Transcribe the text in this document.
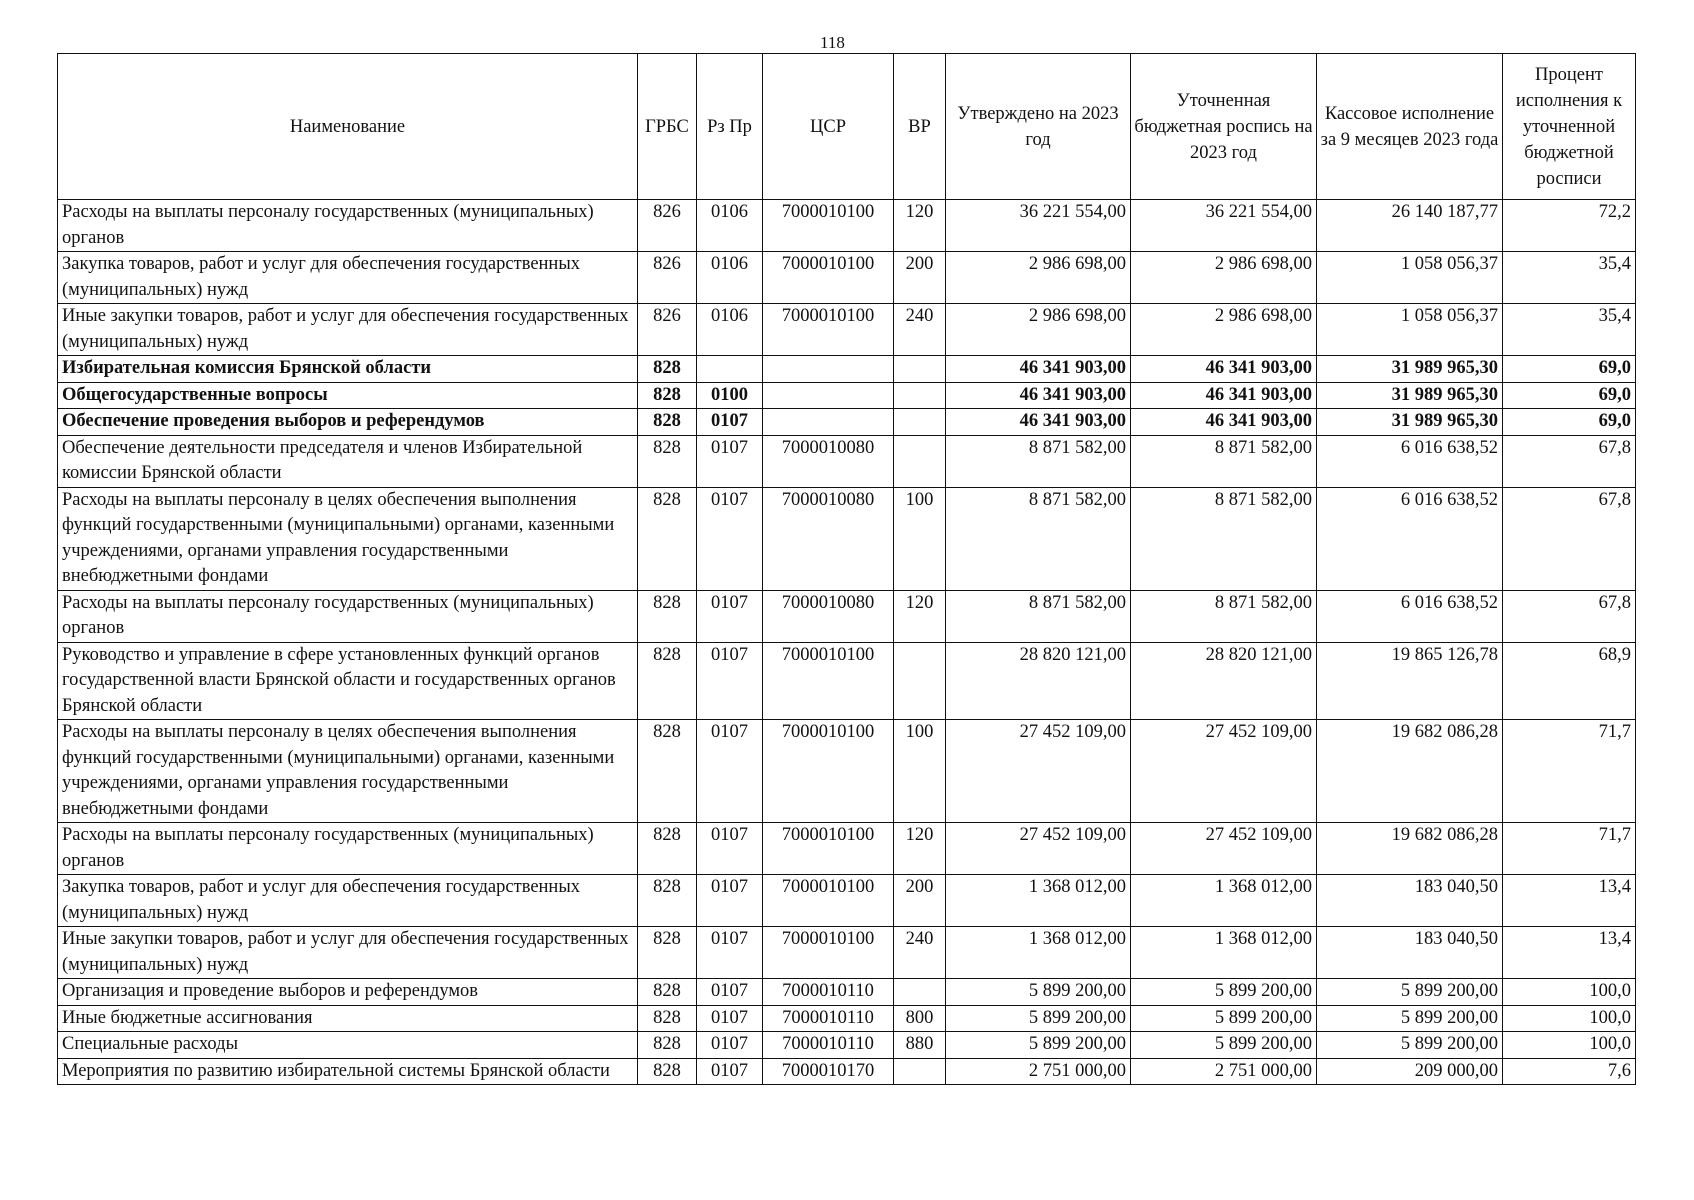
118
Наименование	ГРБС	Рз Пр	ЦСР	ВР	Утверждено на 2023 год	Уточненная бюджетная роспись на 2023 год	Кассовое исполнение за 9 месяцев 2023 года	Процент исполнения к уточненной бюджетной росписи
Расходы на выплаты персоналу государственных (муниципальных) органов	826	0106	7000010100	120	36 221 554,00	36 221 554,00	26 140 187,77	72,2
Закупка товаров, работ и услуг для обеспечения государственных (муниципальных) нужд	826	0106	7000010100	200	2 986 698,00	2 986 698,00	1 058 056,37	35,4
Иные закупки товаров, работ и услуг для обеспечения государственных (муниципальных) нужд	826	0106	7000010100	240	2 986 698,00	2 986 698,00	1 058 056,37	35,4
Избирательная комиссия Брянской области	828				46 341 903,00	46 341 903,00	31 989 965,30	69,0
Общегосударственные вопросы	828	0100			46 341 903,00	46 341 903,00	31 989 965,30	69,0
Обеспечение проведения выборов и референдумов	828	0107			46 341 903,00	46 341 903,00	31 989 965,30	69,0
Обеспечение деятельности председателя и членов Избирательной комиссии Брянской области	828	0107	7000010080		8 871 582,00	8 871 582,00	6 016 638,52	67,8
Расходы на выплаты персоналу в целях обеспечения выполнения функций государственными (муниципальными) органами, казенными учреждениями, органами управления государственными внебюджетными фондами	828	0107	7000010080	100	8 871 582,00	8 871 582,00	6 016 638,52	67,8
Расходы на выплаты персоналу государственных (муниципальных) органов	828	0107	7000010080	120	8 871 582,00	8 871 582,00	6 016 638,52	67,8
Руководство и управление в сфере установленных функций органов государственной власти Брянской области и государственных органов Брянской области	828	0107	7000010100		28 820 121,00	28 820 121,00	19 865 126,78	68,9
Расходы на выплаты персоналу в целях обеспечения выполнения функций государственными (муниципальными) органами, казенными учреждениями, органами управления государственными внебюджетными фондами	828	0107	7000010100	100	27 452 109,00	27 452 109,00	19 682 086,28	71,7
Расходы на выплаты персоналу государственных (муниципальных) органов	828	0107	7000010100	120	27 452 109,00	27 452 109,00	19 682 086,28	71,7
Закупка товаров, работ и услуг для обеспечения государственных (муниципальных) нужд	828	0107	7000010100	200	1 368 012,00	1 368 012,00	183 040,50	13,4
Иные закупки товаров, работ и услуг для обеспечения государственных (муниципальных) нужд	828	0107	7000010100	240	1 368 012,00	1 368 012,00	183 040,50	13,4
Организация и проведение выборов и референдумов	828	0107	7000010110		5 899 200,00	5 899 200,00	5 899 200,00	100,0
Иные бюджетные ассигнования	828	0107	7000010110	800	5 899 200,00	5 899 200,00	5 899 200,00	100,0
Специальные расходы	828	0107	7000010110	880	5 899 200,00	5 899 200,00	5 899 200,00	100,0
Мероприятия по развитию избирательной системы Брянской области	828	0107	7000010170		2 751 000,00	2 751 000,00	209 000,00	7,6
